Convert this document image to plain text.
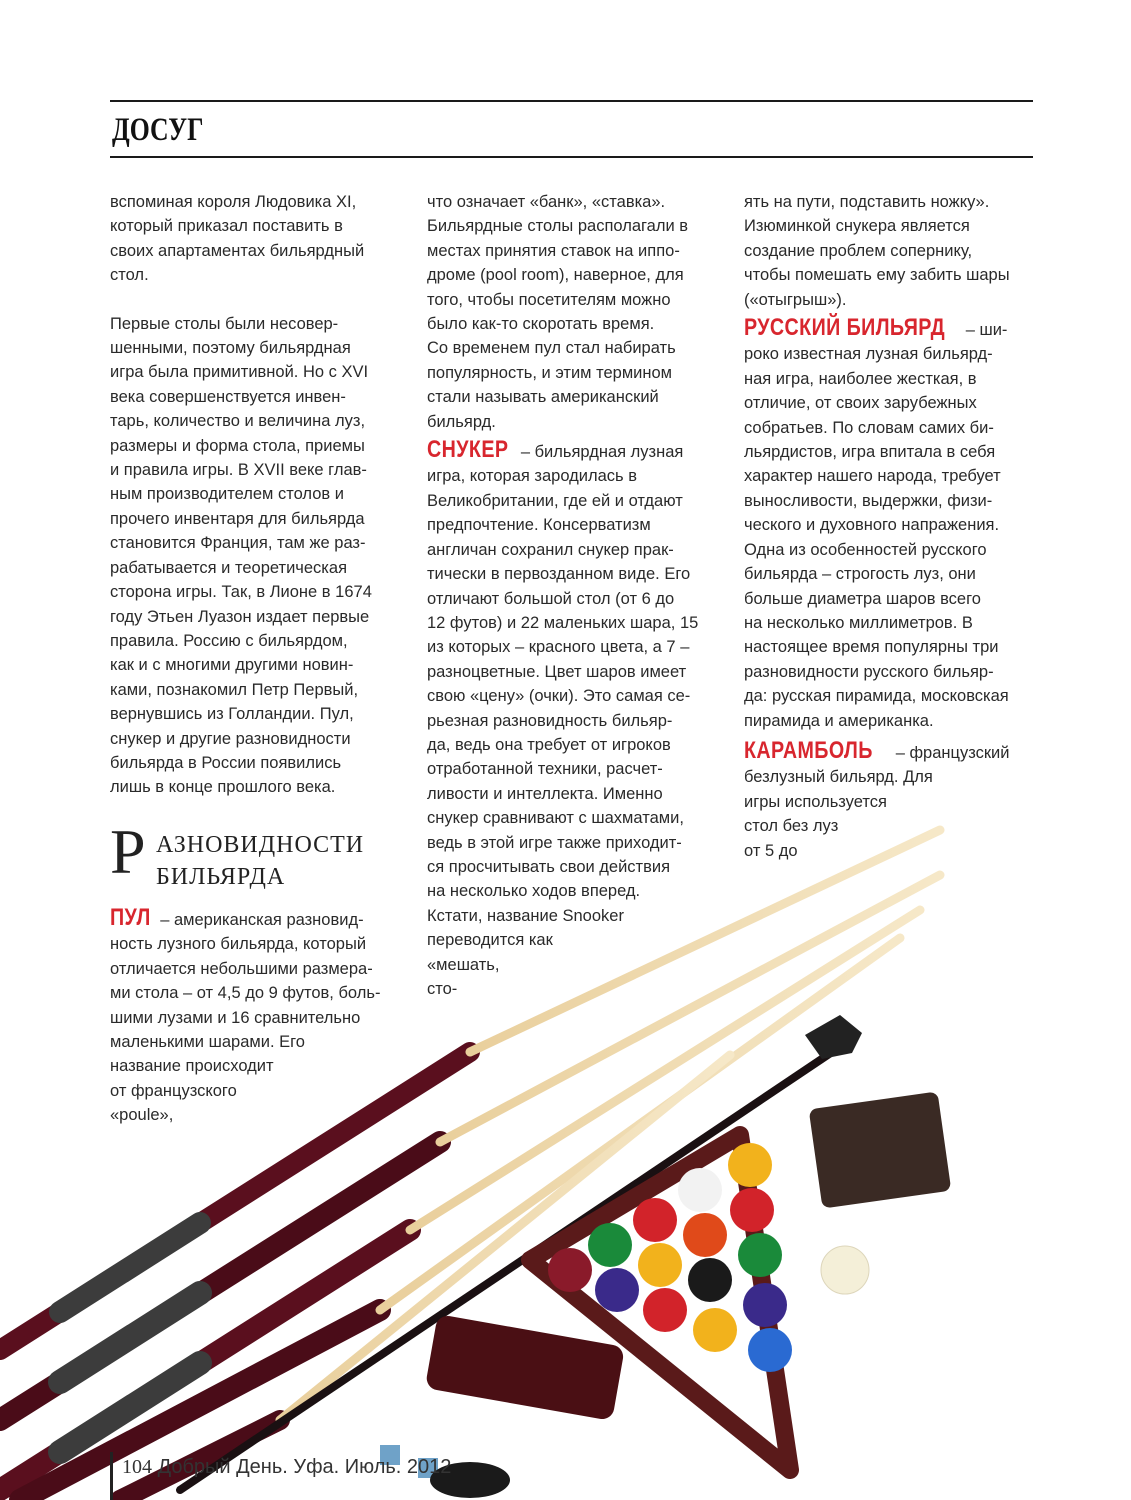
ДОСУГ

вспоминая короля Людовика XI,
который приказал поставить в
своих апартаментах бильярдный
стол.

Первые столы были несовер-
шенными, поэтому бильярдная
игра была примитивной. Но с XVI
века совершенствуется инвен-
тарь, количество и величина луз,
размеры и форма стола, приемы
и правила игры. В XVII веке глав-
ным производителем столов и
прочего инвентаря для бильярда
становится Франция, там же раз-
рабатывается и теоретическая
сторона игры. Так, в Лионе в 1674
году Этьен Луазон издает первые
правила. Россию с бильярдом,
как и с многими другими новин-
ками, познакомил Петр Первый,
вернувшись из Голландии. Пул,
снукер и другие разновидности
бильярда в России появились
лишь в конце прошлого века.

Р АЗНОВИДНОСТИ
БИЛЬЯРДА
ПУЛ – американская разновид-
ность лузного бильярда, который
отличается небольшими размера-
ми стола – от 4,5 до 9 футов, боль-
шими лузами и 16 сравнительно
маленькими шарами. Его
название происходит
от французского
«poule»,

что означает «банк», «ставка».
Бильярдные столы располагали в
местах принятия ставок на иппо-
дроме (pool room), наверное, для
того, чтобы посетителям можно
было как-то скоротать время.
Со временем пул стал набирать
популярность, и этим термином
стали называть американский
бильярд.

СНУКЕР – бильярдная лузная
игра, которая зародилась в
Великобритании, где ей и отдают
предпочтение. Консерватизм
англичан сохранил снукер прак-
тически в первозданном виде. Его
отличают большой стол (от 6 до
12 футов) и 22 маленьких шара, 15
из которых – красного цвета, а 7 –
разноцветные. Цвет шаров имеет
свою «цену» (очки). Это самая се-
рьезная разновидность бильяр-
да, ведь она требует от игроков
отработанной техники, расчет-
ливости и интеллекта. Именно
снукер сравнивают с шахматами,
ведь в этой игре также приходит-
ся просчитывать свои действия
на несколько ходов вперед.
Кстати, название Snooker
переводится как
«мешать,
сто-

ять на пути, подставить ножку».
Изюминкой снукера является
создание проблем сопернику,
чтобы помешать ему забить шары
(«отыгрыш»).

РУССКИЙ БИЛЬЯРД – ши-
роко известная лузная бильярд-
ная игра, наиболее жесткая, в
отличие, от своих зарубежных
собратьев. По словам самих би-
льярдистов, игра впитала в себя
характер нашего народа, требует
выносливости, выдержки, физи-
ческого и духовного напражения.
Одна из особенностей русского
бильярда – строгость луз, они
больше диаметра шаров всего
на несколько миллиметров. В
настоящее время популярны три
разновидности русского бильяр-
да: русская пирамида, московская
пирамида и американка.

КАРАМБОЛЬ – французский
безлузный бильярд. Для
игры используется
стол без луз
от 5 до

104 Добрый День. Уфа. Июль. 2012
